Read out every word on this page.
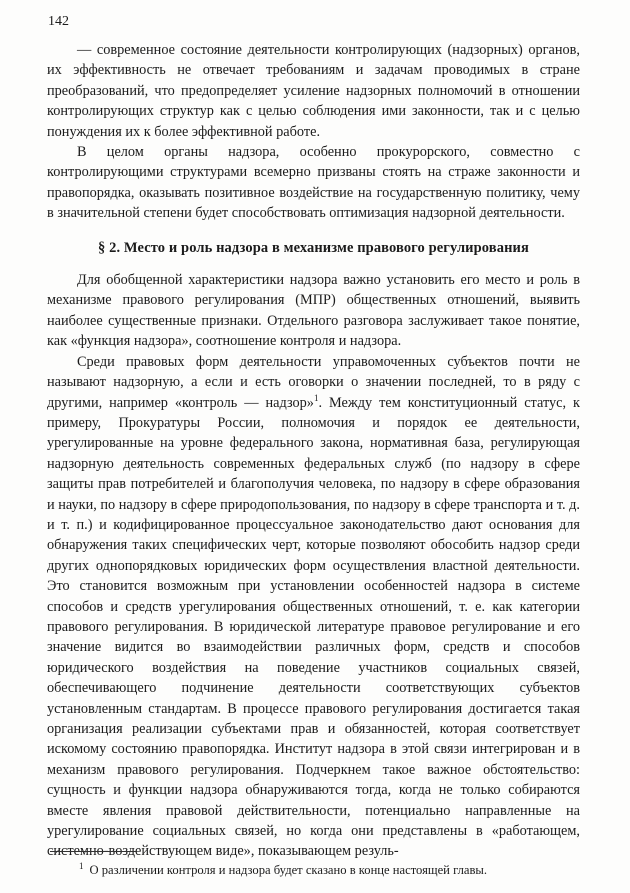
142

— современное состояние деятельности контролирующих (надзорных) органов, их эффективность не отвечает требованиям и задачам проводимых в стране преобразований, что предопределяет усиление надзорных полномочий в отношении контролирующих структур как с целью соблюдения ими законности, так и с целью понуждения их к более эффективной работе.

В целом органы надзора, особенно прокурорского, совместно с контролирующими структурами всемерно призваны стоять на страже законности и правопорядка, оказывать позитивное воздействие на государственную политику, чему в значительной степени будет способствовать оптимизация надзорной деятельности.

§ 2. Место и роль надзора в механизме правового регулирования

Для обобщенной характеристики надзора важно установить его место и роль в механизме правового регулирования (МПР) общественных отношений, выявить наиболее существенные признаки. Отдельного разговора заслуживает такое понятие, как «функция надзора», соотношение контроля и надзора.

Среди правовых форм деятельности управомоченных субъектов почти не называют надзорную, а если и есть оговорки о значении последней, то в ряду с другими, например «контроль — надзор»$^1$. Между тем конституционный статус, к примеру, Прокуратуры России, полномочия и порядок ее деятельности, урегулированные на уровне федерального закона, нормативная база, регулирующая надзорную деятельность современных федеральных служб (по надзору в сфере защиты прав потребителей и благополучия человека, по надзору в сфере образования и науки, по надзору в сфере природопользования, по надзору в сфере транспорта и т. д. и т. п.) и кодифицированное процессуальное законодательство дают основания для обнаружения таких специфических черт, которые позволяют обособить надзор среди других однопорядковых юридических форм осуществления властной деятельности. Это становится возможным при установлении особенностей надзора в системе способов и средств урегулирования общественных отношений, т. е. как категории правового регулирования. В юридической литературе правовое регулирование и его значение видится во взаимодействии различных форм, средств и способов юридического воздействия на поведение участников социальных связей, обеспечивающего подчинение деятельности соответствующих субъектов установленным стандартам. В процессе правового регулирования достигается такая организация реализации субъектами прав и обязанностей, которая соответствует искомому состоянию правопорядка. Институт надзора в этой связи интегрирован и в механизм правового регулирования. Подчеркнем такое важное обстоятельство: сущность и функции надзора обнаруживаются тогда, когда не только собираются вместе явления правовой действительности, потенциально направленные на урегулирование социальных связей, но когда они представлены в «работающем, системно-воздействующем виде», показывающем резуль-

$^1$ О различении контроля и надзора будет сказано в конце настоящей главы.
